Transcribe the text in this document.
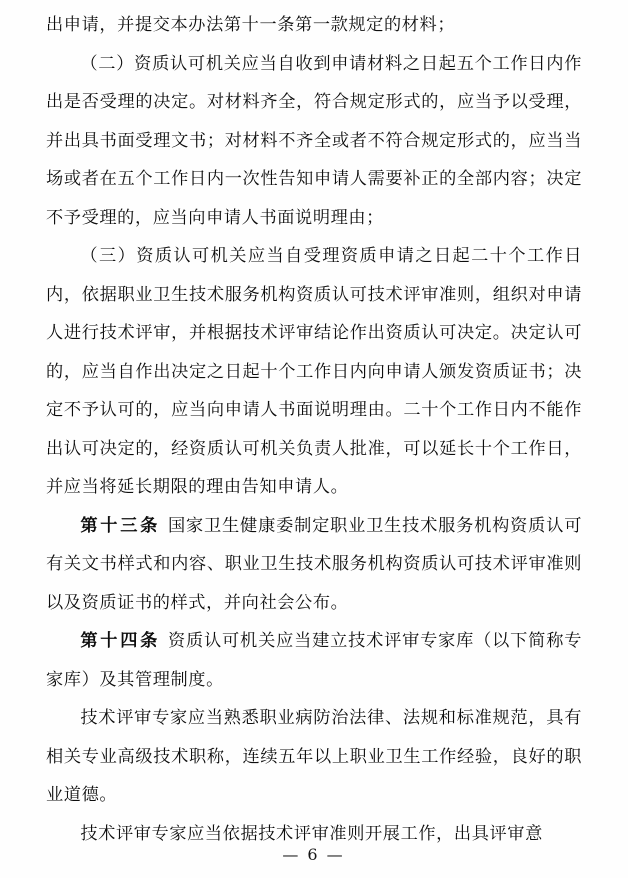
出申请，并提交本办法第十一条第一款规定的材料；

（二）资质认可机关应当自收到申请材料之日起五个工作日内作出是否受理的决定。对材料齐全，符合规定形式的，应当予以受理，并出具书面受理文书；对材料不齐全或者不符合规定形式的，应当当场或者在五个工作日内一次性告知申请人需要补正的全部内容；决定不予受理的，应当向申请人书面说明理由；

（三）资质认可机关应当自受理资质申请之日起二十个工作日内，依据职业卫生技术服务机构资质认可技术评审准则，组织对申请人进行技术评审，并根据技术评审结论作出资质认可决定。决定认可的，应当自作出决定之日起十个工作日内向申请人颁发资质证书；决定不予认可的，应当向申请人书面说明理由。二十个工作日内不能作出认可决定的，经资质认可机关负责人批准，可以延长十个工作日，并应当将延长期限的理由告知申请人。

第十三条 国家卫生健康委制定职业卫生技术服务机构资质认可有关文书样式和内容、职业卫生技术服务机构资质认可技术评审准则以及资质证书的样式，并向社会公布。

第十四条 资质认可机关应当建立技术评审专家库（以下简称专家库）及其管理制度。

技术评审专家应当熟悉职业病防治法律、法规和标准规范，具有相关专业高级技术职称，连续五年以上职业卫生工作经验，良好的职业道德。

技术评审专家应当依据技术评审准则开展工作，出具评审意

— 6 —
